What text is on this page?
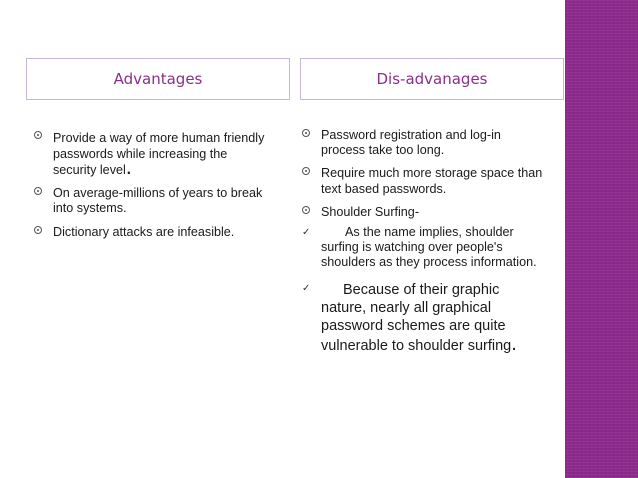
Advantages	Dis-advanages
Provide a way of more human friendly passwords while increasing the security level.
On average-millions of years to break into systems.
Dictionary attacks are infeasible.
Password registration and log-in process take too long.
Require much more storage space than text based passwords.
Shoulder Surfing-
✓	As the name implies, shoulder surfing is watching over people's shoulders as they process information.
✓	Because of their graphic nature, nearly all graphical password schemes are quite vulnerable to shoulder surfing.
